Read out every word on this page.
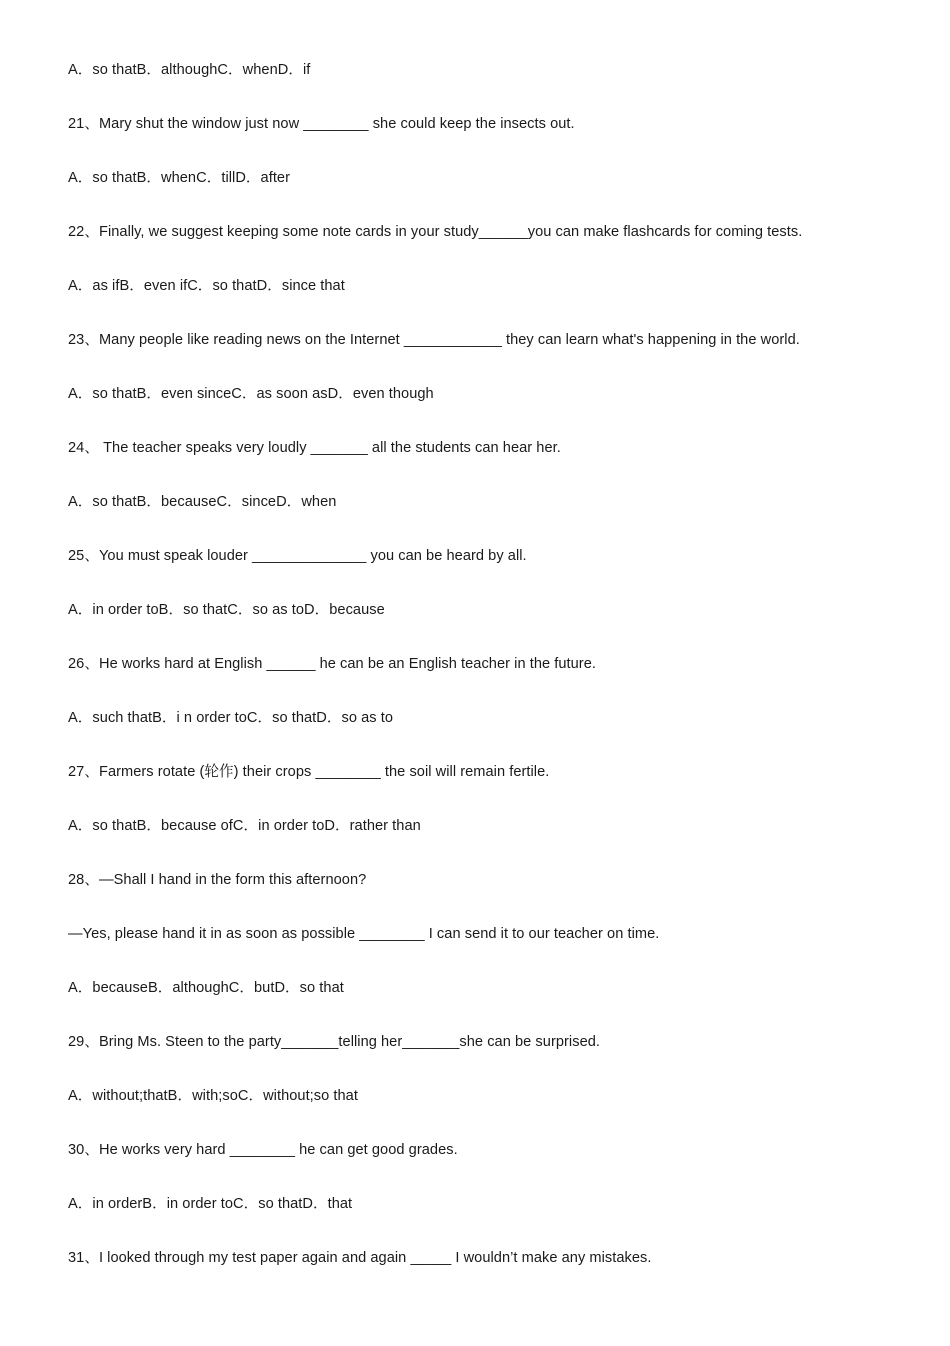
A．so thatB．althoughC．whenD．if
21、Mary shut the window just now ________ she could keep the insects out.
A．so thatB．whenC．tillD．after
22、Finally, we suggest keeping some note cards in your study______you can make flashcards for coming tests.
A．as ifB．even ifC．so thatD．since that
23、Many people like reading news on the Internet ____________ they can learn what's happening in the world.
A．so thatB．even sinceC．as soon asD．even though
24、 The teacher speaks very loudly _______ all the students can hear her.
A．so thatB．becauseC．sinceD．when
25、You must speak louder ______________ you can be heard by all.
A．in order toB．so thatC．so as toD．because
26、He works hard at English ______ he can be an English teacher in the future.
A．such thatB．i n order toC．so thatD．so as to
27、Farmers rotate (轮作) their crops ________ the soil will remain fertile.
A．so thatB．because ofC．in order toD．rather than
28、—Shall I hand in the form this afternoon?
—Yes, please hand it in as soon as possible ________ I can send it to our teacher on time.
A．becauseB．althoughC．butD．so that
29、Bring Ms. Steen to the party_______telling her_______she can be surprised.
A．without;thatB．with;soC．without;so that
30、He works very hard ________ he can get good grades.
A．in orderB．in order toC．so thatD．that
31、I looked through my test paper again and again _____ I wouldn’t make any mistakes.
